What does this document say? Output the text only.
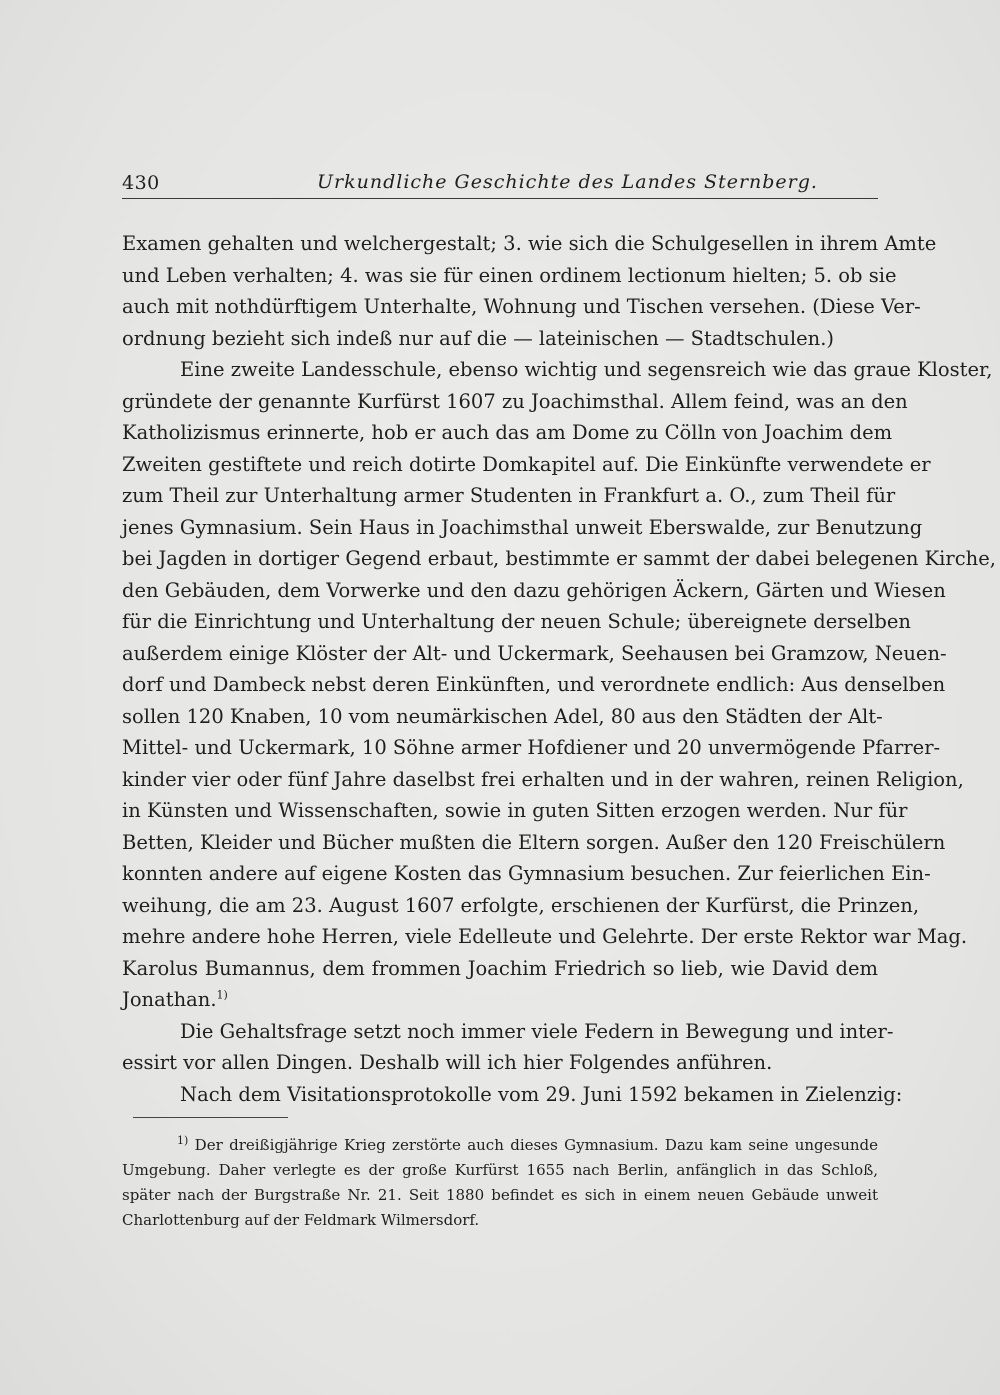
430	Urkundliche Geschichte des Landes Sternberg.
Examen gehalten und welchergestalt; 3. wie sich die Schulgesellen in ihrem Amte
und Leben verhalten; 4. was sie für einen ordinem lectionum hielten; 5. ob sie
auch mit nothdürftigem Unterhalte, Wohnung und Tischen versehen. (Diese Ver-
ordnung bezieht sich indeß nur auf die — lateinischen — Stadtschulen.)
Eine zweite Landesschule, ebenso wichtig und segensreich wie das graue Kloster,
gründete der genannte Kurfürst 1607 zu Joachimsthal. Allem feind, was an den
Katholizismus erinnerte, hob er auch das am Dome zu Cölln von Joachim dem
Zweiten gestiftete und reich dotirte Domkapitel auf. Die Einkünfte verwendete er
zum Theil zur Unterhaltung armer Studenten in Frankfurt a. O., zum Theil für
jenes Gymnasium. Sein Haus in Joachimsthal unweit Eberswalde, zur Benutzung
bei Jagden in dortiger Gegend erbaut, bestimmte er sammt der dabei belegenen Kirche,
den Gebäuden, dem Vorwerke und den dazu gehörigen Äckern, Gärten und Wiesen
für die Einrichtung und Unterhaltung der neuen Schule; übereignete derselben
außerdem einige Klöster der Alt- und Uckermark, Seehausen bei Gramzow, Neuen-
dorf und Dambeck nebst deren Einkünften, und verordnete endlich: Aus denselben
sollen 120 Knaben, 10 vom neumärkischen Adel, 80 aus den Städten der Alt-
Mittel- und Uckermark, 10 Söhne armer Hofdiener und 20 unvermögende Pfarrer-
kinder vier oder fünf Jahre daselbst frei erhalten und in der wahren, reinen Religion,
in Künsten und Wissenschaften, sowie in guten Sitten erzogen werden. Nur für
Betten, Kleider und Bücher mußten die Eltern sorgen. Außer den 120 Freischülern
konnten andere auf eigene Kosten das Gymnasium besuchen. Zur feierlichen Ein-
weihung, die am 23. August 1607 erfolgte, erschienen der Kurfürst, die Prinzen,
mehre andere hohe Herren, viele Edelleute und Gelehrte. Der erste Rektor war Mag.
Karolus Bumannus, dem frommen Joachim Friedrich so lieb, wie David dem
Jonathan.$^{1)}$
Die Gehaltsfrage setzt noch immer viele Federn in Bewegung und inter-
essirt vor allen Dingen. Deshalb will ich hier Folgendes anführen.
Nach dem Visitationsprotokolle vom 29. Juni 1592 bekamen in Zielenzig:
$^{1)}$ Der dreißigjährige Krieg zerstörte auch dieses Gymnasium. Dazu kam seine ungesunde
Umgebung. Daher verlegte es der große Kurfürst 1655 nach Berlin, anfänglich in das Schloß,
später nach der Burgstraße Nr. 21. Seit 1880 befindet es sich in einem neuen Gebäude unweit
Charlottenburg auf der Feldmark Wilmersdorf.
